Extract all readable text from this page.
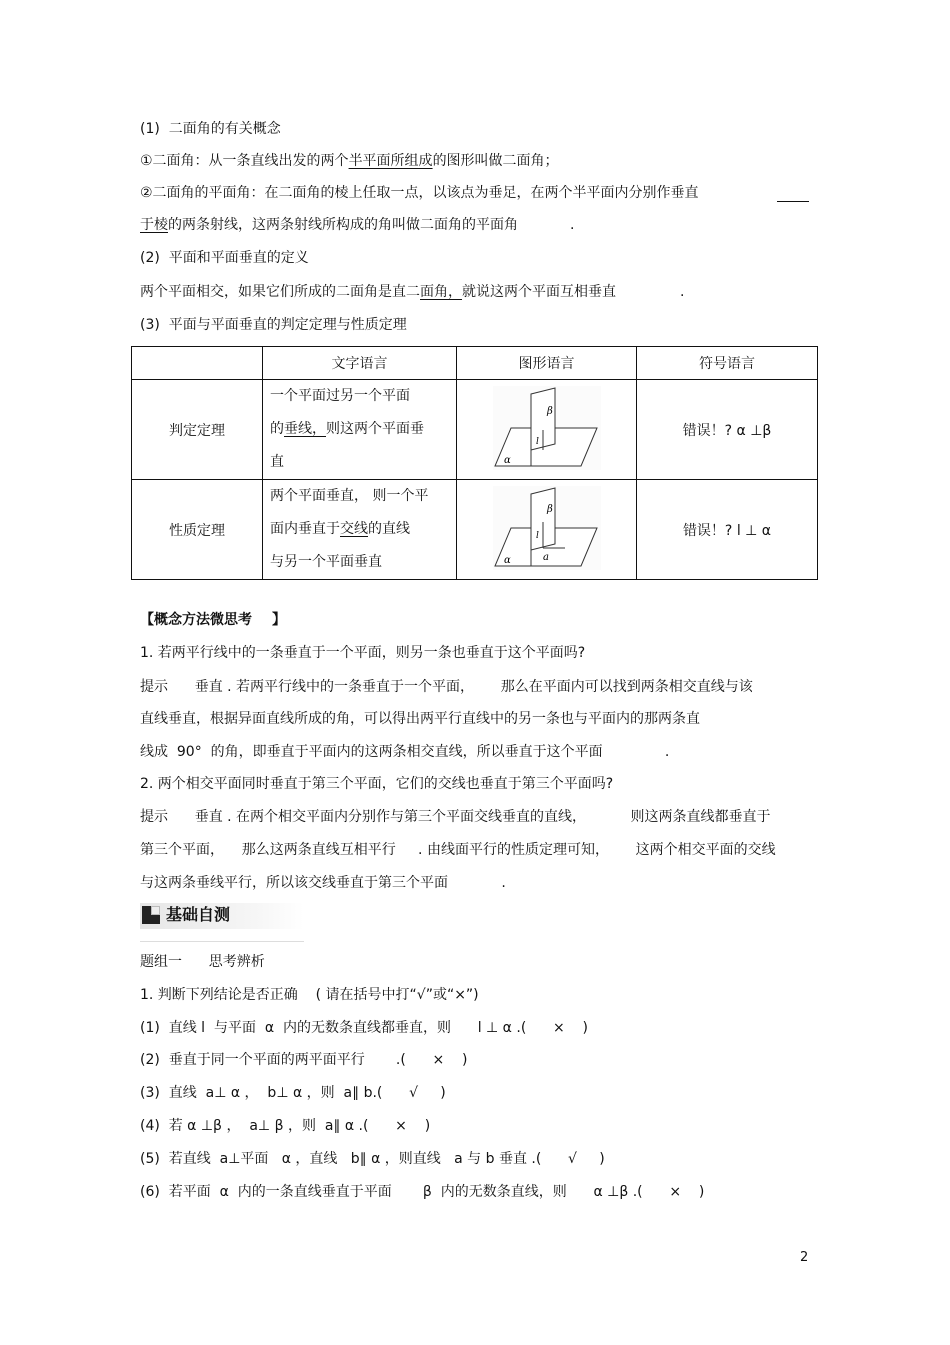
(1)  二面角的有关概念
①二面角：从一条直线出发的两个半平面所组成的图形叫做二面角；
②二面角的平面角：在二面角的棱上任取一点，以该点为垂足，在两个半平面内分别作垂直
于棱的两条射线，这两条射线所构成的角叫做二面角的平面角	.
(2)  平面和平面垂直的定义
两个平面相交，如果它们所成的二面角是直二面角，就说这两个平面互相垂直	.
(3)  平面与平面垂直的判定定理与性质定理
	文字语言	图形语言	符号语言
判定定理	一个平面过另一个平面
的垂线，则这两个平面垂
直	β
l
α	错误！? α ⊥β
性质定理	两个平面垂直， 则一个平
面内垂直于交线的直线
与另一个平面垂直	β
l
α a	错误！? l ⊥ α
【概念方法微思考 】
1. 若两平行线中的一条垂直于一个平面，则另一条也垂直于这个平面吗?
提示      垂直 . 若两平行线中的一条垂直于一个平面，      那么在平面内可以找到两条相交直线与该
直线垂直，根据异面直线所成的角，可以得出两平行直线中的另一条也与平面内的那两条直
线成  90°  的角，即垂直于平面内的这两条相交直线，所以垂直于这个平面              .
2. 两个相交平面同时垂直于第三个平面，它们的交线也垂直于第三个平面吗?
提示      垂直 . 在两个相交平面内分别作与第三个平面交线垂直的直线，          则这两条直线都垂直于
第三个平面，    那么这两条直线互相平行     . 由线面平行的性质定理可知，      这两个相交平面的交线
与这两条垂线平行，所以该交线垂直于第三个平面            .
基础自测
题组一      思考辨析
1. 判断下列结论是否正确    ( 请在括号中打“√”或“×”)
(1)  直线 l  与平面  α  内的无数条直线都垂直，则      l ⊥ α .(      ×    )
(2)  垂直于同一个平面的两平面平行       .(      ×    )
(3)  直线  a⊥ α ，  b⊥ α ，则  a∥ b.(      √     )
(4)  若 α ⊥β ，  a⊥ β ，则  a∥ α .(      ×    )
(5)  若直线  a⊥平面   α ，直线   b∥ α ，则直线   a 与 b 垂直 .(      √     )
(6)  若平面  α  内的一条直线垂直于平面       β  内的无数条直线，则      α ⊥β .(      ×    )
2
